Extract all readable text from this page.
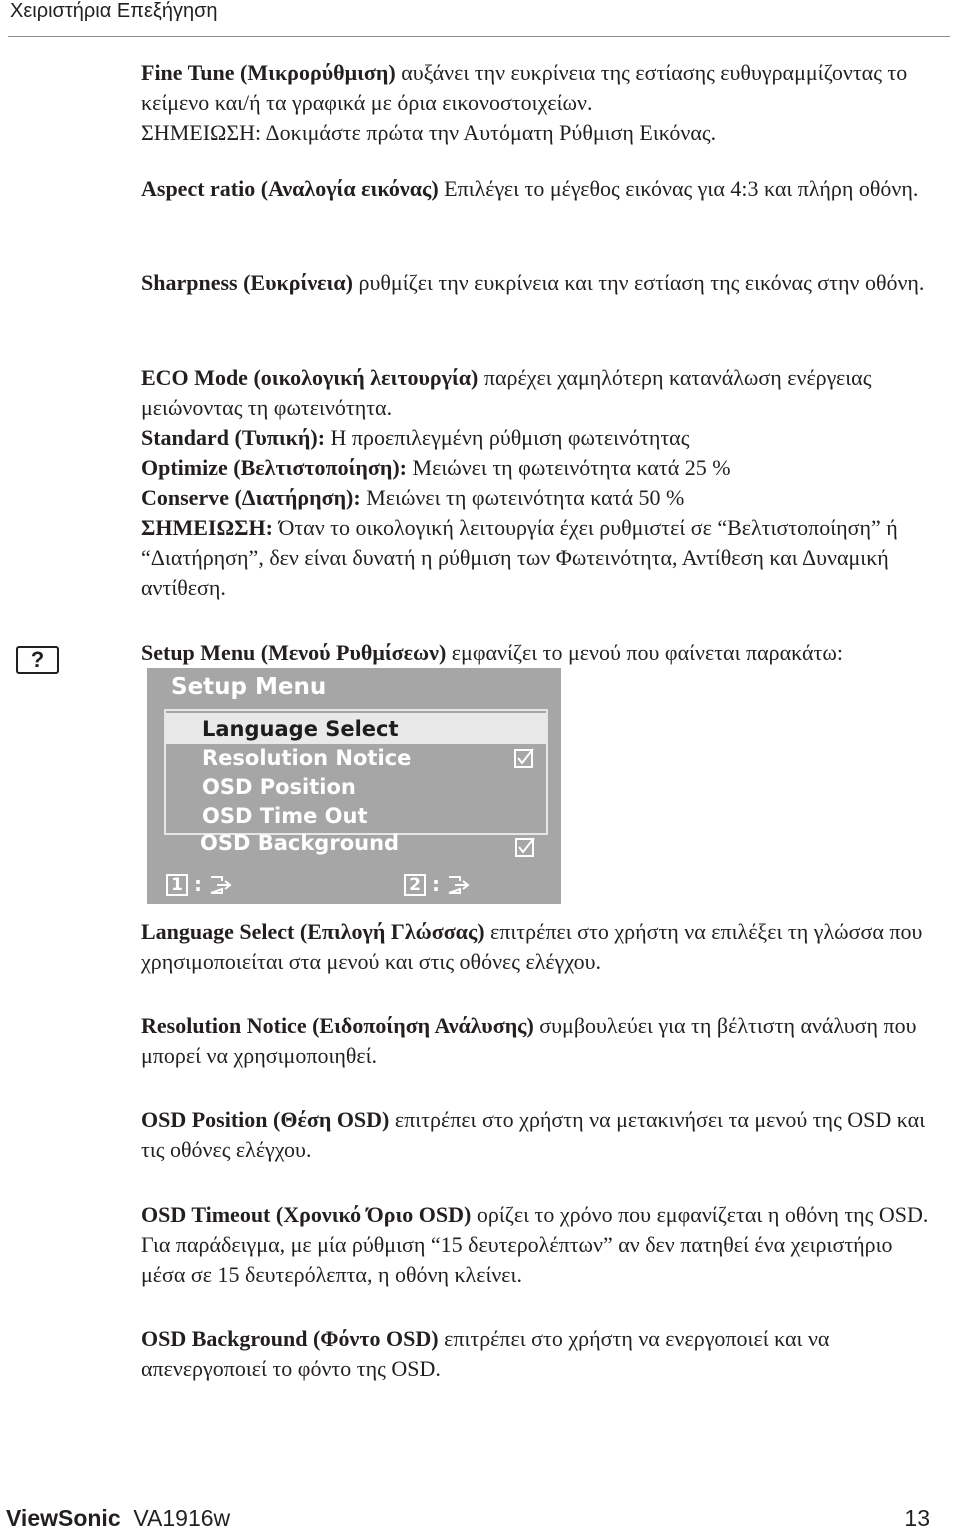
Χειριστήρια Επεξήγηση

Fine Tune (Μικρορύθμιση) αυξάνει την ευκρίνεια της εστίασης ευθυγραμμίζοντας το κείμενο και/ή τα γραφικά με όρια εικονοστοιχείων.

ΣΗΜΕΙΩΣΗ: Δοκιμάστε πρώτα την Αυτόματη Ρύθμιση Εικόνας.

Aspect ratio (Αναλογία εικόνας) Επιλέγει το μέγεθος εικόνας για 4:3 και πλήρη οθόνη.

Sharpness (Ευκρίνεια) ρυθμίζει την ευκρίνεια και την εστίαση της εικόνας στην οθόνη.

ECO Mode (οικολογική λειτουργία) παρέχει χαμηλότερη κατανάλωση ενέργειας μειώνοντας τη φωτεινότητα.

Standard (Τυπική): Η προεπιλεγμένη ρύθμιση φωτεινότητας

Optimize (Βελτιστοποίηση): Μειώνει τη φωτεινότητα κατά 25 %

Conserve (Διατήρηση): Μειώνει τη φωτεινότητα κατά 50 %

ΣΗΜΕΙΩΣΗ: Όταν το οικολογική λειτουργία έχει ρυθμιστεί σε “Βελτιστοποίηση” ή “Διατήρηση”, δεν είναι δυνατή η ρύθμιση των Φωτεινότητα, Αντίθεση και Δυναμική αντίθεση.

?	Setup Menu (Μενού Ρυθμίσεων) εμφανίζει το μενού που φαίνεται παρακάτω:

Setup Menu
Language Select
Resolution Notice
OSD Position
OSD Time Out
OSD Background
1 :	2 :

Language Select (Επιλογή Γλώσσας) επιτρέπει στο χρήστη να επιλέξει τη γλώσσα που χρησιμοποιείται στα μενού και στις οθόνες ελέγχου.

Resolution Notice (Ειδοποίηση Ανάλυσης) συμβουλεύει για τη βέλτιστη ανάλυση που μπορεί να χρησιμοποιηθεί.

OSD Position (Θέση OSD) επιτρέπει στο χρήστη να μετακινήσει τα μενού της OSD και τις οθόνες ελέγχου.

OSD Timeout (Χρονικό Όριο OSD) ορίζει το χρόνο που εμφανίζεται η οθόνη της OSD. Για παράδειγμα, με μία ρύθμιση “15 δευτερολέπτων” αν δεν πατηθεί ένα χειριστήριο μέσα σε 15 δευτερόλεπτα, η οθόνη κλείνει.

OSD Background (Φόντο OSD) επιτρέπει στο χρήστη να ενεργοποιεί και να απενεργοποιεί το φόντο της OSD.

ViewSonic VA1916w	13
